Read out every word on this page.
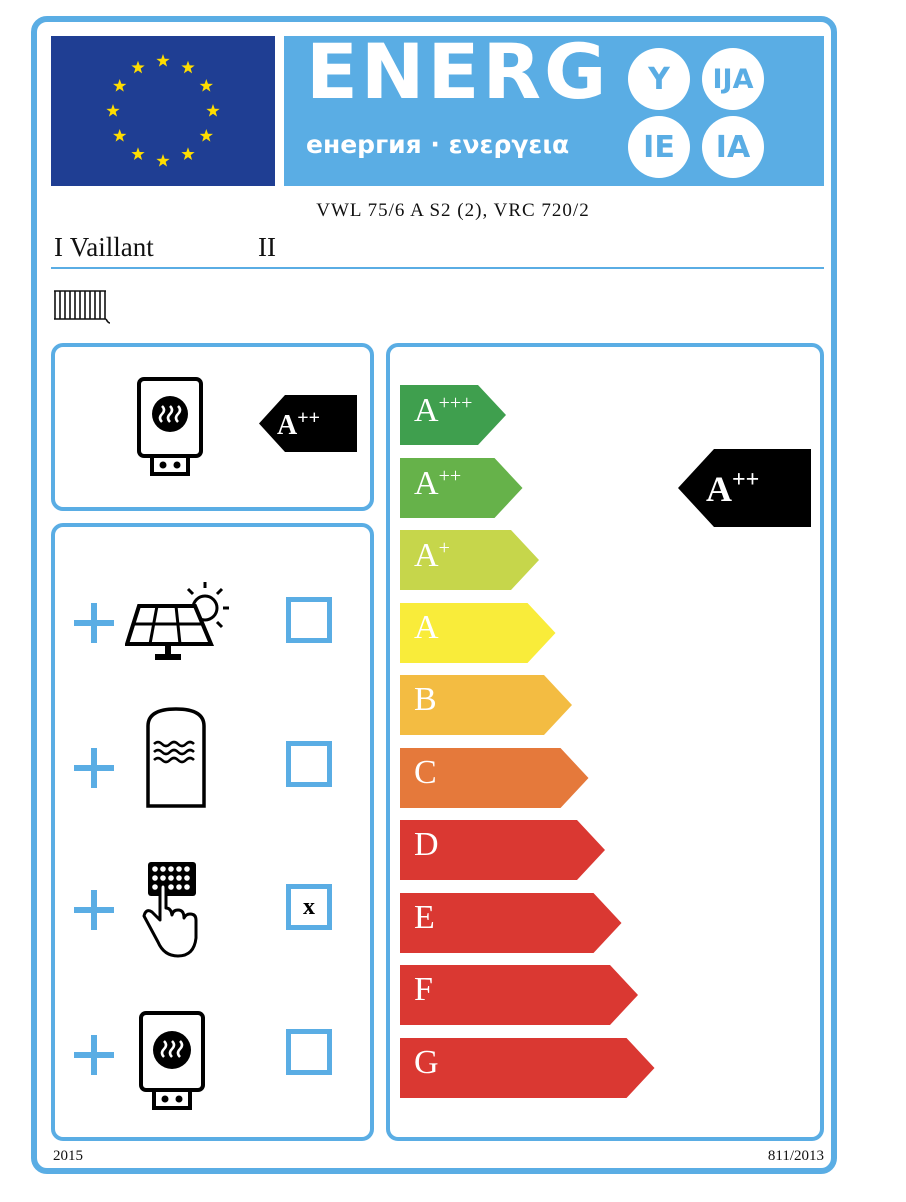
ENERG
енергия · ενεργεια
Y	IJA
IE	IA
VWL 75/6 A S2 (2), VRC 720/2
I Vaillant	II
A++
x
A+++
A++
A+
A
B
C
D
E
F
G
A++
2015	811/2013
